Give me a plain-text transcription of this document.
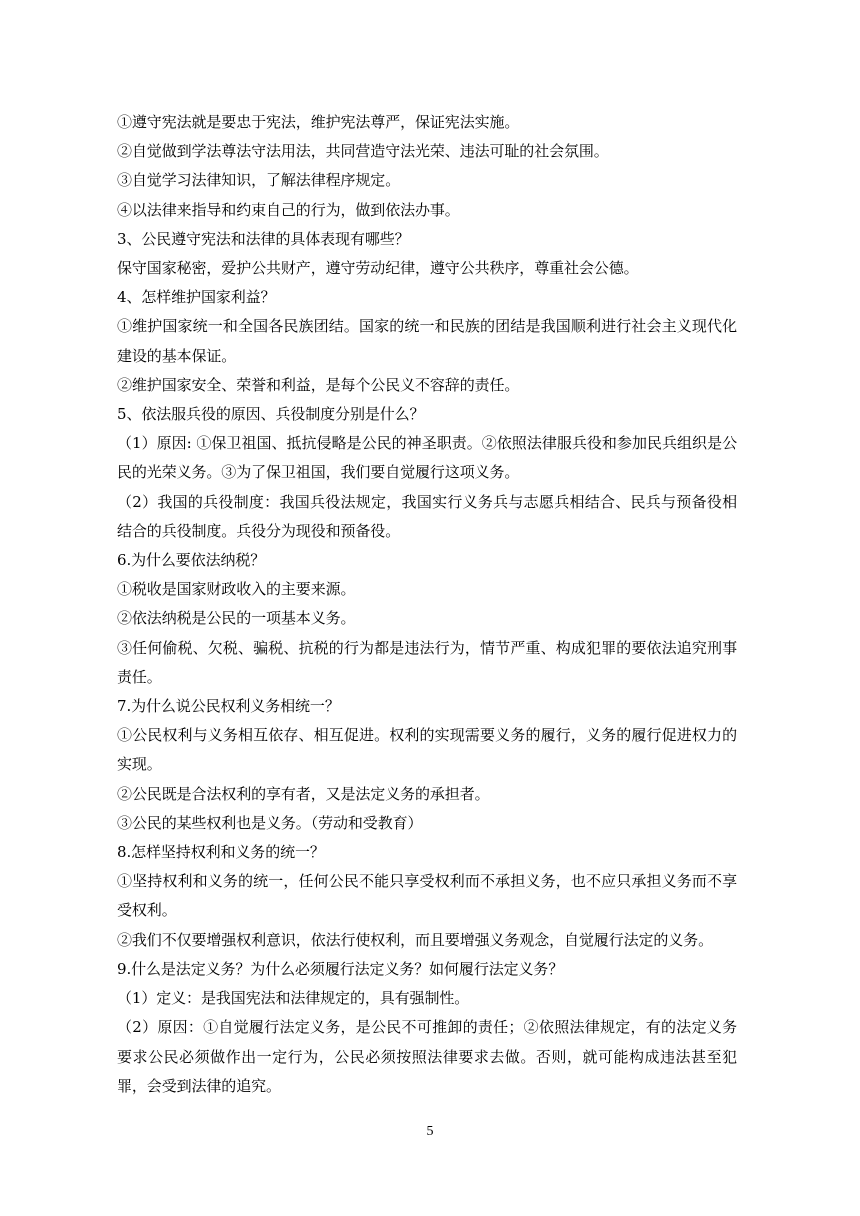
①遵守宪法就是要忠于宪法，维护宪法尊严，保证宪法实施。

②自觉做到学法尊法守法用法，共同营造守法光荣、违法可耻的社会氛围。

③自觉学习法律知识，了解法律程序规定。

④以法律来指导和约束自己的行为，做到依法办事。

3、公民遵守宪法和法律的具体表现有哪些？

保守国家秘密，爱护公共财产，遵守劳动纪律，遵守公共秩序，尊重社会公德。

4、怎样维护国家利益？

①维护国家统一和全国各民族团结。国家的统一和民族的团结是我国顺利进行社会主义现代化建设的基本保证。

②维护国家安全、荣誉和利益，是每个公民义不容辞的责任。

5、依法服兵役的原因、兵役制度分别是什么？

（1）原因: ①保卫祖国、抵抗侵略是公民的神圣职责。②依照法律服兵役和参加民兵组织是公民的光荣义务。③为了保卫祖国，我们要自觉履行这项义务。

（2）我国的兵役制度：我国兵役法规定，我国实行义务兵与志愿兵相结合、民兵与预备役相结合的兵役制度。兵役分为现役和预备役。

6.为什么要依法纳税？

①税收是国家财政收入的主要来源。

②依法纳税是公民的一项基本义务。

③任何偷税、欠税、骗税、抗税的行为都是违法行为，情节严重、构成犯罪的要依法追究刑事责任。

7.为什么说公民权利义务相统一？

①公民权利与义务相互依存、相互促进。权利的实现需要义务的履行，义务的履行促进权力的实现。

②公民既是合法权利的享有者，又是法定义务的承担者。

③公民的某些权利也是义务。（劳动和受教育）

8.怎样坚持权利和义务的统一？

①坚持权利和义务的统一，任何公民不能只享受权利而不承担义务，也不应只承担义务而不享受权利。

②我们不仅要增强权利意识，依法行使权利，而且要增强义务观念，自觉履行法定的义务。

9.什么是法定义务？为什么必须履行法定义务？如何履行法定义务？

（1）定义：是我国宪法和法律规定的，具有强制性。

（2）原因：①自觉履行法定义务，是公民不可推卸的责任；②依照法律规定，有的法定义务要求公民必须做作出一定行为，公民必须按照法律要求去做。否则，就可能构成违法甚至犯罪，会受到法律的追究。

5
